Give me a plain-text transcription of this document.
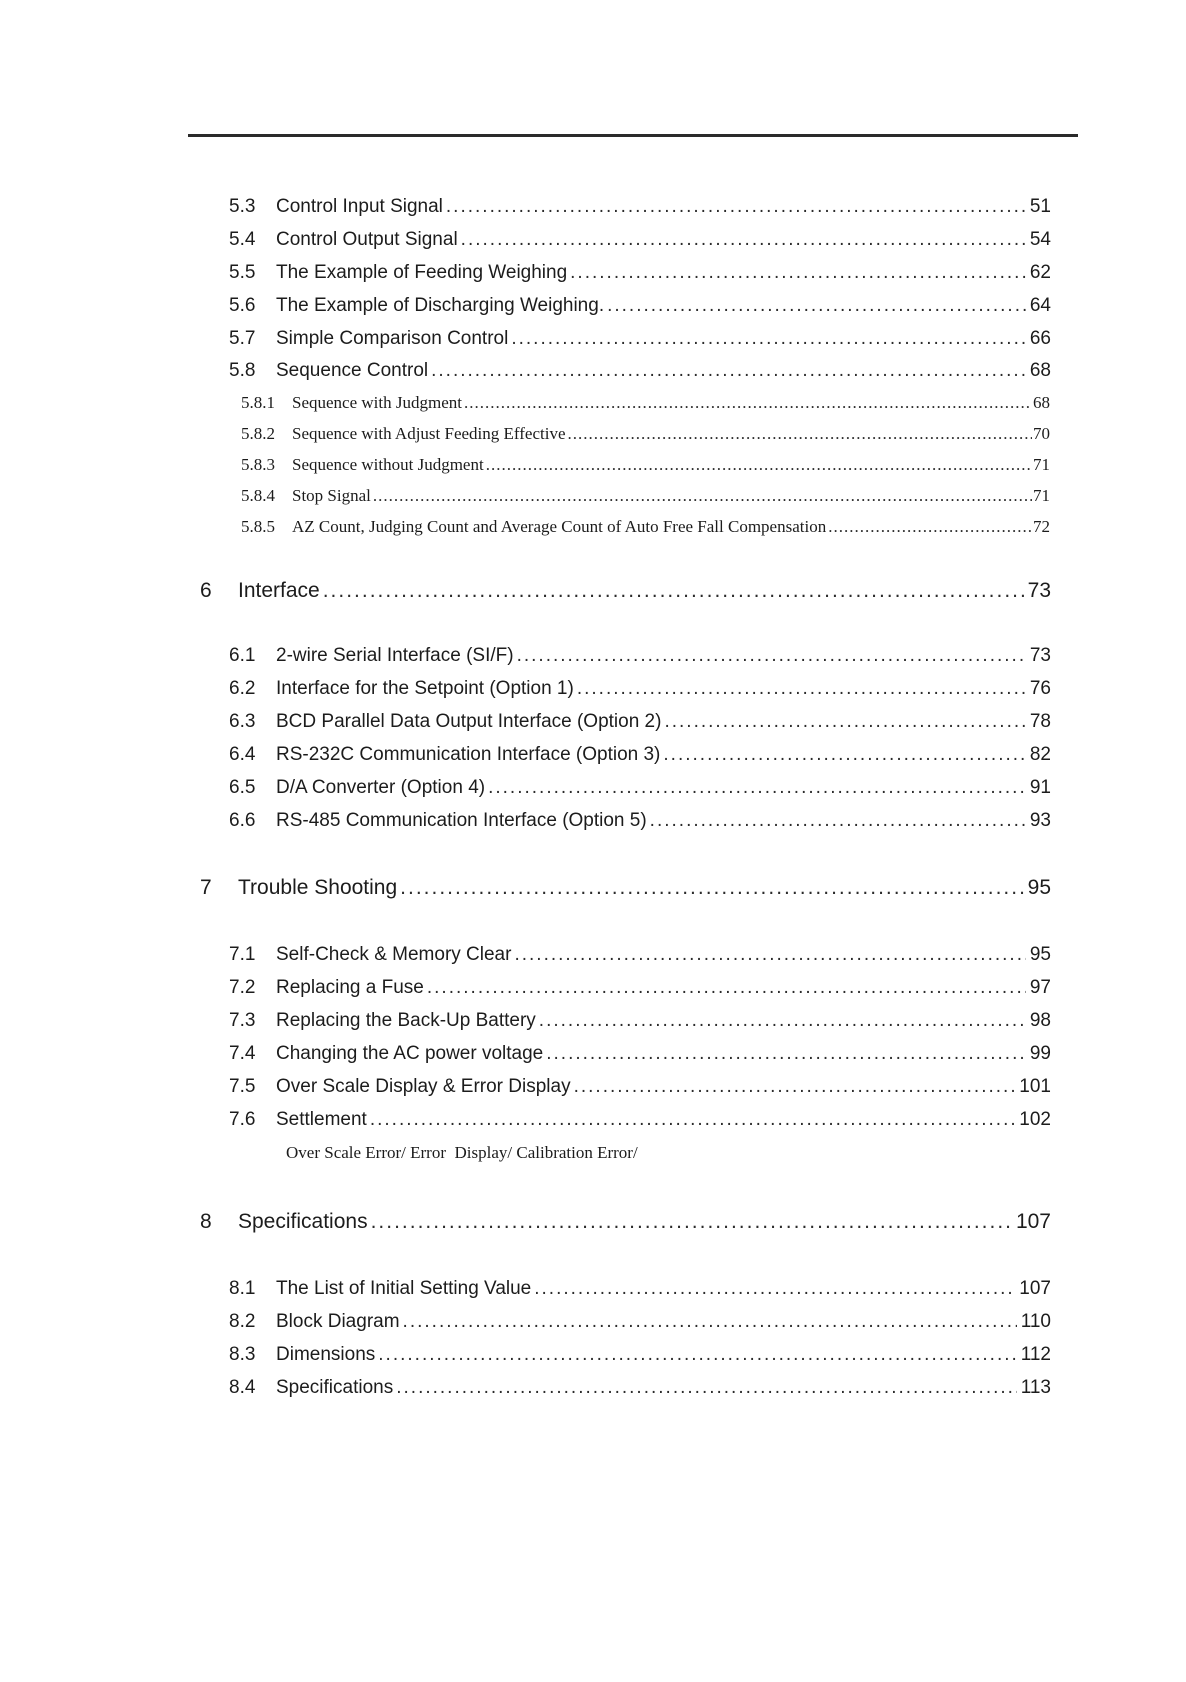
5.3	Control Input Signal .....	51
5.4	Control Output Signal .....	54
5.5	The Example of Feeding Weighing .....	62
5.6	The Example of Discharging Weighing. .....	64
5.7	Simple Comparison Control .....	66
5.8	Sequence Control .....	68
5.8.1	Sequence with Judgment .....	68
5.8.2	Sequence with Adjust Feeding Effective .....	70
5.8.3	Sequence without Judgment .....	71
5.8.4	Stop Signal .....	71
5.8.5	AZ Count, Judging Count and Average Count of Auto Free Fall Compensation .....	72
6	Interface .....	73
6.1	2-wire Serial Interface (SI/F) .....	73
6.2	Interface for the Setpoint (Option 1) .....	76
6.3	BCD Parallel Data Output Interface (Option 2) .....	78
6.4	RS-232C Communication Interface (Option 3) .....	82
6.5	D/A Converter (Option 4) .....	91
6.6	RS-485 Communication Interface (Option 5) .....	93
7	Trouble Shooting .....	95
7.1	Self-Check & Memory Clear .....	95
7.2	Replacing a Fuse .....	97
7.3	Replacing the Back-Up Battery .....	98
7.4	Changing the AC power voltage .....	99
7.5	Over Scale Display & Error Display .....	101
7.6	Settlement .....	102
Over Scale Error/ Error  Display/ Calibration Error/
8	Specifications .....	107
8.1	The List of Initial Setting Value .....	107
8.2	Block Diagram .....	110
8.3	Dimensions .....	112
8.4	Specifications .....	113
